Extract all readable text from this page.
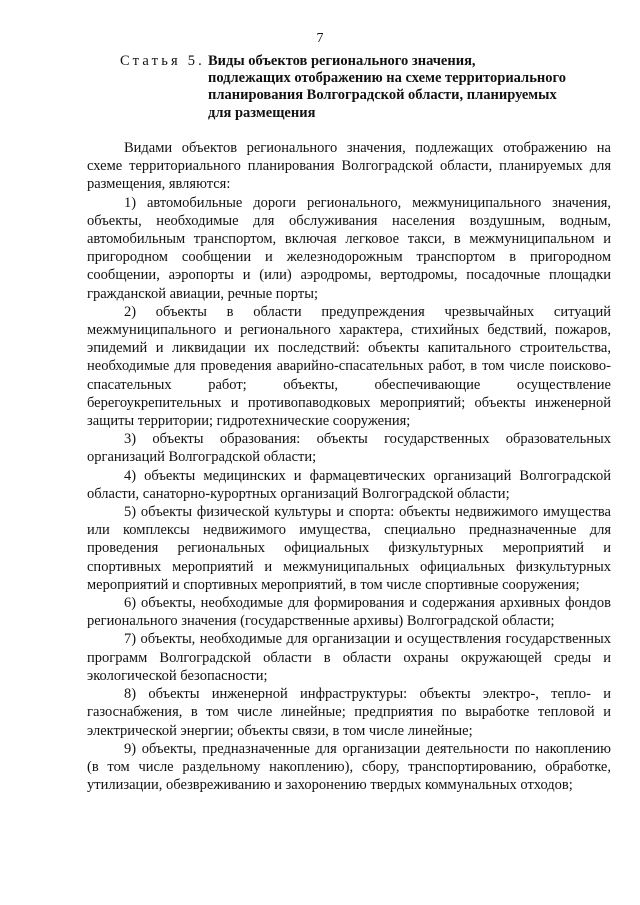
7
Статья 5. Виды объектов регионального значения,
подлежащих отображению на схеме территориального
планирования Волгоградской области, планируемых
для размещения

Видами объектов регионального значения, подлежащих отображению на схеме территориального планирования Волгоградской области, планируемых для размещения, являются:

1) автомобильные дороги регионального, межмуниципального значения, объекты, необходимые для обслуживания населения воздушным, водным, автомобильным транспортом, включая легковое такси, в межмуниципальном и пригородном сообщении и железнодорожным транспортом в пригородном сообщении, аэропорты и (или) аэродромы, вертодромы, посадочные площадки гражданской авиации, речные порты;

2) объекты в области предупреждения чрезвычайных ситуаций межмуниципального и регионального характера, стихийных бедствий, пожаров, эпидемий и ликвидации их последствий: объекты капитального строительства, необходимые для проведения аварийно-спасательных работ, в том числе поисково-спасательных работ; объекты, обеспечивающие осуществление берегоукрепительных и противопаводковых мероприятий; объекты инженерной защиты территории; гидротехнические сооружения;

3) объекты образования: объекты государственных образовательных организаций Волгоградской области;

4) объекты медицинских и фармацевтических организаций Волгоградской области, санаторно-курортных организаций Волгоградской области;

5) объекты физической культуры и спорта: объекты недвижимого имущества или комплексы недвижимого имущества, специально предназначенные для проведения региональных официальных физкультурных мероприятий и спортивных мероприятий и межмуниципальных официальных физкультурных мероприятий и спортивных мероприятий, в том числе спортивные сооружения;

6) объекты, необходимые для формирования и содержания архивных фондов регионального значения (государственные архивы) Волгоградской области;

7) объекты, необходимые для организации и осуществления государственных программ Волгоградской области в области охраны окружающей среды и экологической безопасности;

8) объекты инженерной инфраструктуры: объекты электро-, тепло- и газоснабжения, в том числе линейные; предприятия по выработке тепловой и электрической энергии; объекты связи, в том числе линейные;

9) объекты, предназначенные для организации деятельности по накоплению (в том числе раздельному накоплению), сбору, транспортированию, обработке, утилизации, обезвреживанию и захоронению твердых коммунальных отходов;
